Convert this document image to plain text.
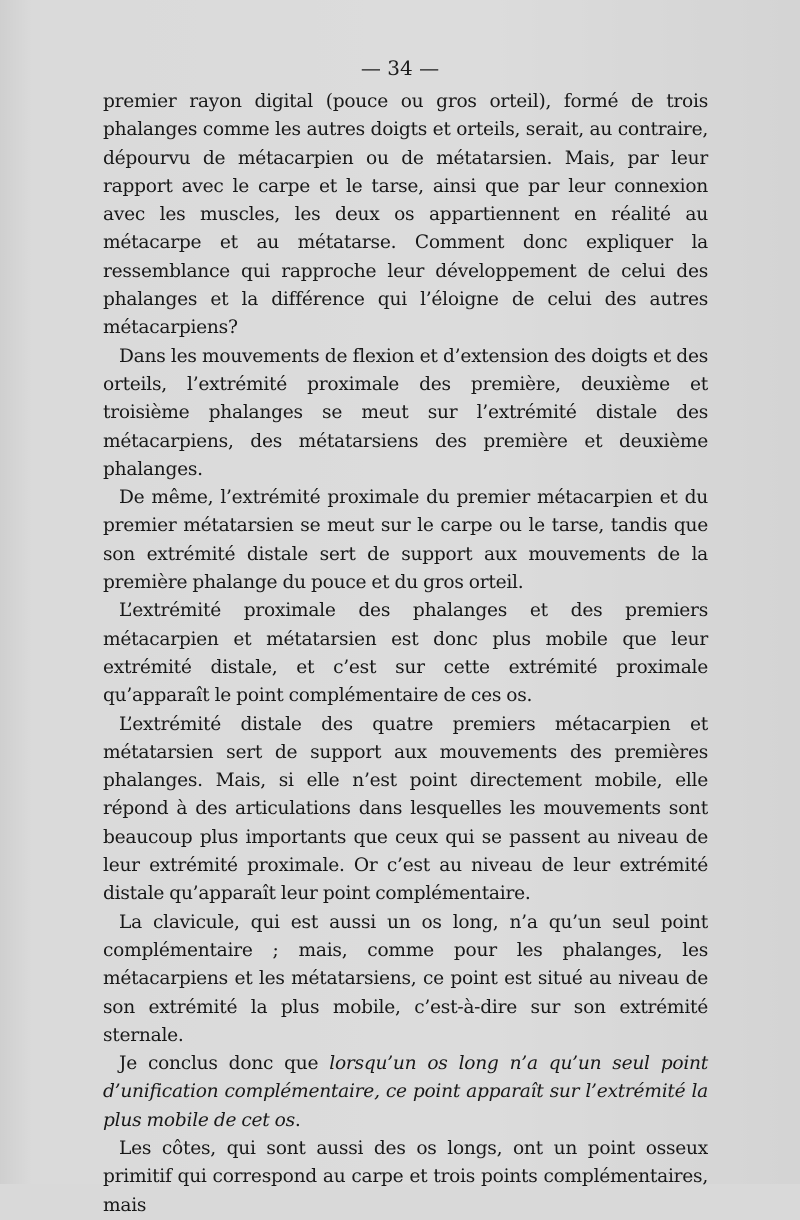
— 34 —

premier rayon digital (pouce ou gros orteil), formé de trois phalanges comme les autres doigts et orteils, serait, au contraire, dépourvu de métacarpien ou de métatarsien. Mais, par leur rapport avec le carpe et le tarse, ainsi que par leur connexion avec les muscles, les deux os appartiennent en réalité au métacarpe et au métatarse. Comment donc expliquer la ressemblance qui rapproche leur développement de celui des phalanges et la différence qui l’éloigne de celui des autres métacarpiens?

Dans les mouvements de flexion et d’extension des doigts et des orteils, l’extrémité proximale des première, deuxième et troisième phalanges se meut sur l’extrémité distale des métacarpiens, des métatarsiens des première et deuxième phalanges.

De même, l’extrémité proximale du premier métacarpien et du premier métatarsien se meut sur le carpe ou le tarse, tandis que son extrémité distale sert de support aux mouvements de la première phalange du pouce et du gros orteil.

L’extrémité proximale des phalanges et des premiers métacarpien et métatarsien est donc plus mobile que leur extrémité distale, et c’est sur cette extrémité proximale qu’apparaît le point complémentaire de ces os.

L’extrémité distale des quatre premiers métacarpien et métatarsien sert de support aux mouvements des premières phalanges. Mais, si elle n’est point directement mobile, elle répond à des articulations dans lesquelles les mouvements sont beaucoup plus importants que ceux qui se passent au niveau de leur extrémité proximale. Or c’est au niveau de leur extrémité distale qu’apparaît leur point complémentaire.

La clavicule, qui est aussi un os long, n’a qu’un seul point complémentaire ; mais, comme pour les phalanges, les métacarpiens et les métatarsiens, ce point est situé au niveau de son extrémité la plus mobile, c’est-à-dire sur son extrémité sternale.

Je conclus donc que lorsqu’un os long n’a qu’un seul point d’unification complémentaire, ce point apparaît sur l’extrémité la plus mobile de cet os.

Les côtes, qui sont aussi des os longs, ont un point osseux primitif qui correspond au carpe et trois points complémentaires, mais
